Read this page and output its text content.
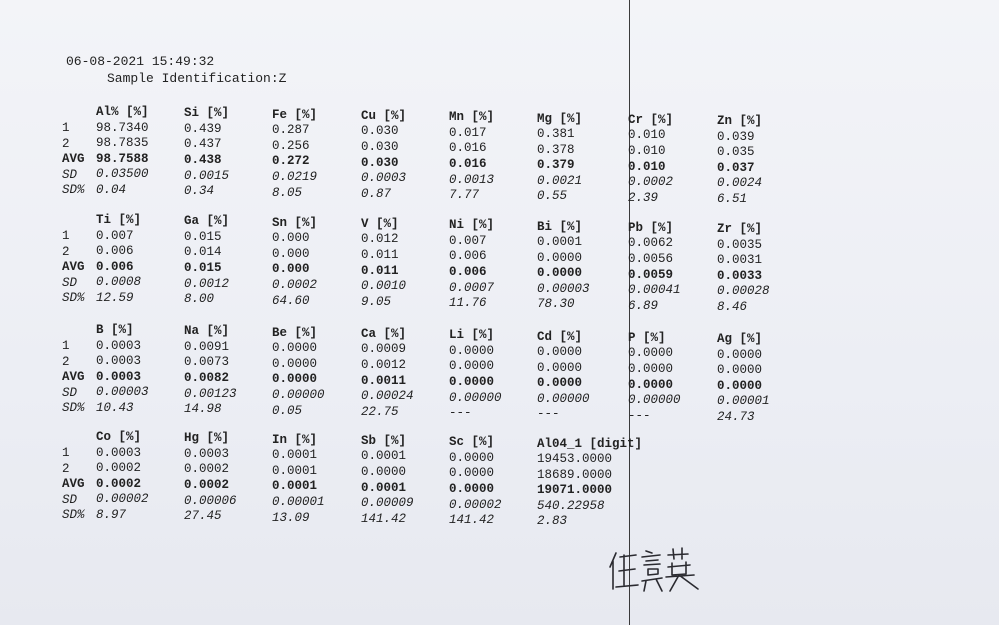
06-08-2021 15:49:32
Sample Identification:Z
1
2
AVG
SD
SD%
Al% [%]
98.7340
98.7835
98.7588
0.03500
0.04
Si [%]
0.439
0.437
0.438
0.0015
0.34
Fe [%]
0.287
0.256
0.272
0.0219
8.05
Cu [%]
0.030
0.030
0.030
0.0003
0.87
Mn [%]
0.017
0.016
0.016
0.0013
7.77
Mg [%]
0.381
0.378
0.379
0.0021
0.55
Cr [%]
0.010
0.010
0.010
0.0002
2.39
Zn [%]
0.039
0.035
0.037
0.0024
6.51
1
2
AVG
SD
SD%
Ti [%]
0.007
0.006
0.006
0.0008
12.59
Ga [%]
0.015
0.014
0.015
0.0012
8.00
Sn [%]
0.000
0.000
0.000
0.0002
64.60
V [%]
0.012
0.011
0.011
0.0010
9.05
Ni [%]
0.007
0.006
0.006
0.0007
11.76
Bi [%]
0.0001
0.0000
0.0000
0.00003
78.30
Pb [%]
0.0062
0.0056
0.0059
0.00041
6.89
Zr [%]
0.0035
0.0031
0.0033
0.00028
8.46
1
2
AVG
SD
SD%
B [%]
0.0003
0.0003
0.0003
0.00003
10.43
Na [%]
0.0091
0.0073
0.0082
0.00123
14.98
Be [%]
0.0000
0.0000
0.0000
0.00000
0.05
Ca [%]
0.0009
0.0012
0.0011
0.00024
22.75
Li [%]
0.0000
0.0000
0.0000
0.00000
---
Cd [%]
0.0000
0.0000
0.0000
0.00000
---
P [%]
0.0000
0.0000
0.0000
0.00000
---
Ag [%]
0.0000
0.0000
0.0000
0.00001
24.73
1
2
AVG
SD
SD%
Co [%]
0.0003
0.0002
0.0002
0.00002
8.97
Hg [%]
0.0003
0.0002
0.0002
0.00006
27.45
In [%]
0.0001
0.0001
0.0001
0.00001
13.09
Sb [%]
0.0001
0.0000
0.0001
0.00009
141.42
Sc [%]
0.0000
0.0000
0.0000
0.00002
141.42
Al04_1 [digit]
19453.0000
18689.0000
19071.0000
540.22958
2.83
